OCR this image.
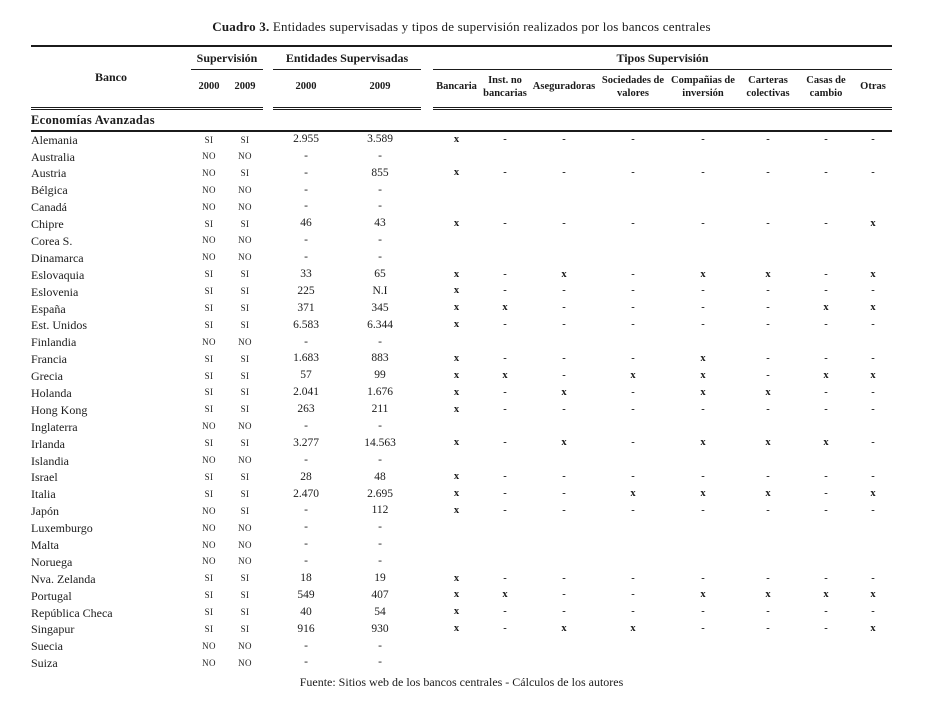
Cuadro 3. Entidades supervisadas y tipos de supervisión realizados por los bancos centrales
Banco	Supervisión			Entidades Supervisadas			Tipos Supervisión							
	2000	2009		2000	2009		Bancaria	Inst. no bancarias	Aseguradoras	Sociedades de valores	Compañias de inversión	Carteras colectivas	Casas de cambio	Otras
Economías Avanzadas														
Alemania	SI	SI		2.955	3.589		x	-	-	-	-	-	-	-
Australia	NO	NO		-	-									
Austria	NO	SI		-	855		x	-	-	-	-	-	-	-
Bélgica	NO	NO		-	-									
Canadá	NO	NO		-	-									
Chipre	SI	SI		46	43		x	-	-	-	-	-	-	x
Corea S.	NO	NO		-	-									
Dinamarca	NO	NO		-	-									
Eslovaquia	SI	SI		33	65		x	-	x	-	x	x	-	x
Eslovenia	SI	SI		225	N.I		x	-	-	-	-	-	-	-
España	SI	SI		371	345		x	x	-	-	-	-	x	x
Est. Unidos	SI	SI		6.583	6.344		x	-	-	-	-	-	-	-
Finlandia	NO	NO		-	-									
Francia	SI	SI		1.683	883		x	-	-	-	x	-	-	-
Grecia	SI	SI		57	99		x	x	-	x	x	-	x	x
Holanda	SI	SI		2.041	1.676		x	-	x	-	x	x	-	-
Hong Kong	SI	SI		263	211		x	-	-	-	-	-	-	-
Inglaterra	NO	NO		-	-									
Irlanda	SI	SI		3.277	14.563		x	-	x	-	x	x	x	-
Islandia	NO	NO		-	-									
Israel	SI	SI		28	48		x	-	-	-	-	-	-	-
Italia	SI	SI		2.470	2.695		x	-	-	x	x	x	-	x
Japón	NO	SI		-	112		x	-	-	-	-	-	-	-
Luxemburgo	NO	NO		-	-									
Malta	NO	NO		-	-									
Noruega	NO	NO		-	-									
Nva. Zelanda	SI	SI		18	19		x	-	-	-	-	-	-	-
Portugal	SI	SI		549	407		x	x	-	-	x	x	x	x
República Checa	SI	SI		40	54		x	-	-	-	-	-	-	-
Singapur	SI	SI		916	930		x	-	x	x	-	-	-	x
Suecia	NO	NO		-	-									
Suiza	NO	NO		-	-									
Fuente: Sitios web de los bancos centrales - Cálculos de los autores
